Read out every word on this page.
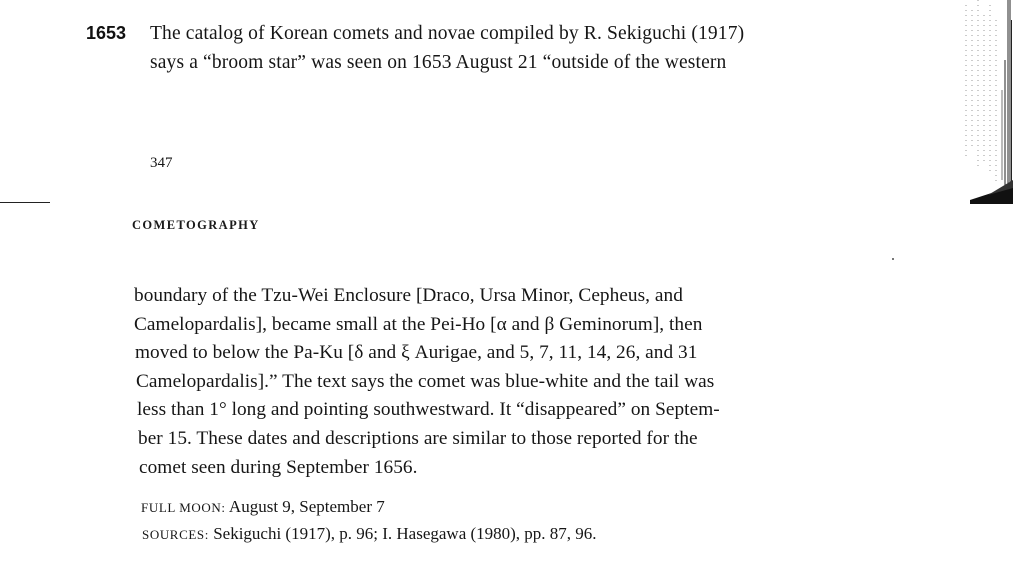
1653 The catalog of Korean comets and novae compiled by R. Sekiguchi (1917)
says a “broom star” was seen on 1653 August 21 “outside of the western
347
COMETOGRAPHY
boundary of the Tzu-Wei Enclosure [Draco, Ursa Minor, Cepheus, and
Camelopardalis], became small at the Pei-Ho [α and β Geminorum], then
moved to below the Pa-Ku [δ and ξ Aurigae, and 5, 7, 11, 14, 26, and 31
Camelopardalis].” The text says the comet was blue-white and the tail was
less than 1° long and pointing southwestward. It “disappeared” on Septem-
ber 15. These dates and descriptions are similar to those reported for the
comet seen during September 1656.
FULL MOON: August 9, September 7
SOURCES: Sekiguchi (1917), p. 96; I. Hasegawa (1980), pp. 87, 96.
